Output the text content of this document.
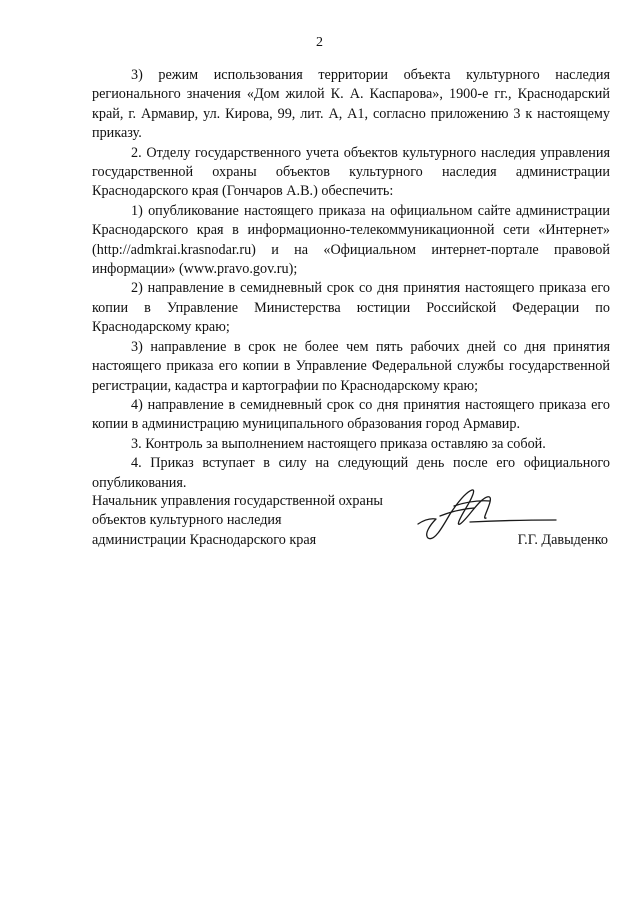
2

3) режим использования территории объекта культурного наследия регионального значения «Дом жилой К. А. Каспарова», 1900-е гг., Краснодарский край, г. Армавир, ул. Кирова, 99, лит. А, А1, согласно приложению 3 к настоящему приказу.

2. Отделу государственного учета объектов культурного наследия управления государственной охраны объектов культурного наследия администрации Краснодарского края (Гончаров А.В.) обеспечить:

1) опубликование настоящего приказа на официальном сайте администрации Краснодарского края в информационно-телекоммуникационной сети «Интернет» (http://admkrai.krasnodar.ru) и на «Официальном интернет-портале правовой информации» (www.pravo.gov.ru);

2) направление в семидневный срок со дня принятия настоящего приказа его копии в Управление Министерства юстиции Российской Федерации по Краснодарскому краю;

3) направление в срок не более чем пять рабочих дней со дня принятия настоящего приказа его копии в Управление Федеральной службы государственной регистрации, кадастра и картографии по Краснодарскому краю;

4) направление в семидневный срок со дня принятия настоящего приказа его копии в администрацию муниципального образования город Армавир.

3. Контроль за выполнением настоящего приказа оставляю за собой.

4. Приказ вступает в силу на следующий день после его официального опубликования.

Начальник управления государственной охраны
объектов культурного наследия
администрации Краснодарского края	Г.Г. Давыденко
